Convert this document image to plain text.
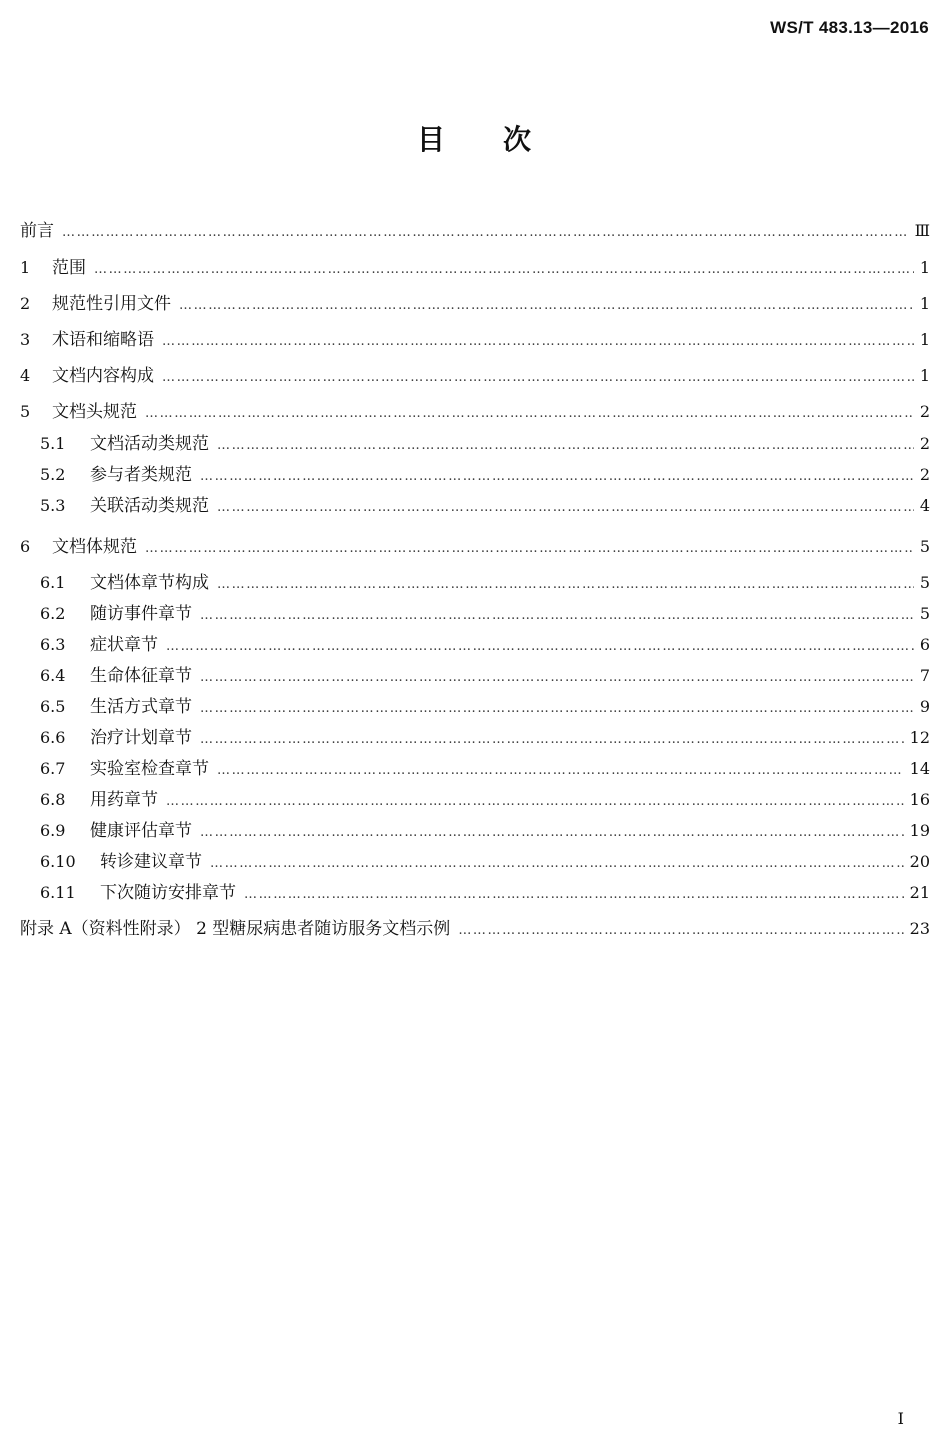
WS/T 483.13—2016
目 次
前言 …………………………………………………………………………………………………………………………………………………………………………………………………………………	Ⅲ
1	范围 …………………………………………………………………………………………………………………………………………………………………………………………………………………	1
2	规范性引用文件 …………………………………………………………………………………………………………………………………………………………………………………………………………………	1
3	术语和缩略语 …………………………………………………………………………………………………………………………………………………………………………………………………………………	1
4	文档内容构成 …………………………………………………………………………………………………………………………………………………………………………………………………………………	1
5	文档头规范 …………………………………………………………………………………………………………………………………………………………………………………………………………………	2
5.1	文档活动类规范 …………………………………………………………………………………………………………………………………………………………………………………………………………………	2
5.2	参与者类规范 …………………………………………………………………………………………………………………………………………………………………………………………………………………	2
5.3	关联活动类规范 …………………………………………………………………………………………………………………………………………………………………………………………………………………	4
6	文档体规范 …………………………………………………………………………………………………………………………………………………………………………………………………………………	5
6.1	文档体章节构成 …………………………………………………………………………………………………………………………………………………………………………………………………………………	5
6.2	随访事件章节 …………………………………………………………………………………………………………………………………………………………………………………………………………………	5
6.3	症状章节 …………………………………………………………………………………………………………………………………………………………………………………………………………………	6
6.4	生命体征章节 …………………………………………………………………………………………………………………………………………………………………………………………………………………	7
6.5	生活方式章节 …………………………………………………………………………………………………………………………………………………………………………………………………………………	9
6.6	治疗计划章节 …………………………………………………………………………………………………………………………………………………………………………………………………………………	12
6.7	实验室检查章节 …………………………………………………………………………………………………………………………………………………………………………………………………………………	14
6.8	用药章节 …………………………………………………………………………………………………………………………………………………………………………………………………………………	16
6.9	健康评估章节 …………………………………………………………………………………………………………………………………………………………………………………………………………………	19
6.10	转诊建议章节 …………………………………………………………………………………………………………………………………………………………………………………………………………………	20
6.11	下次随访安排章节 …………………………………………………………………………………………………………………………………………………………………………………………………………………	21
附录 A（资料性附录） 2 型糖尿病患者随访服务文档示例 …………………………………………………………………………………………………………………………………………………………………………………………………………………	23
I
